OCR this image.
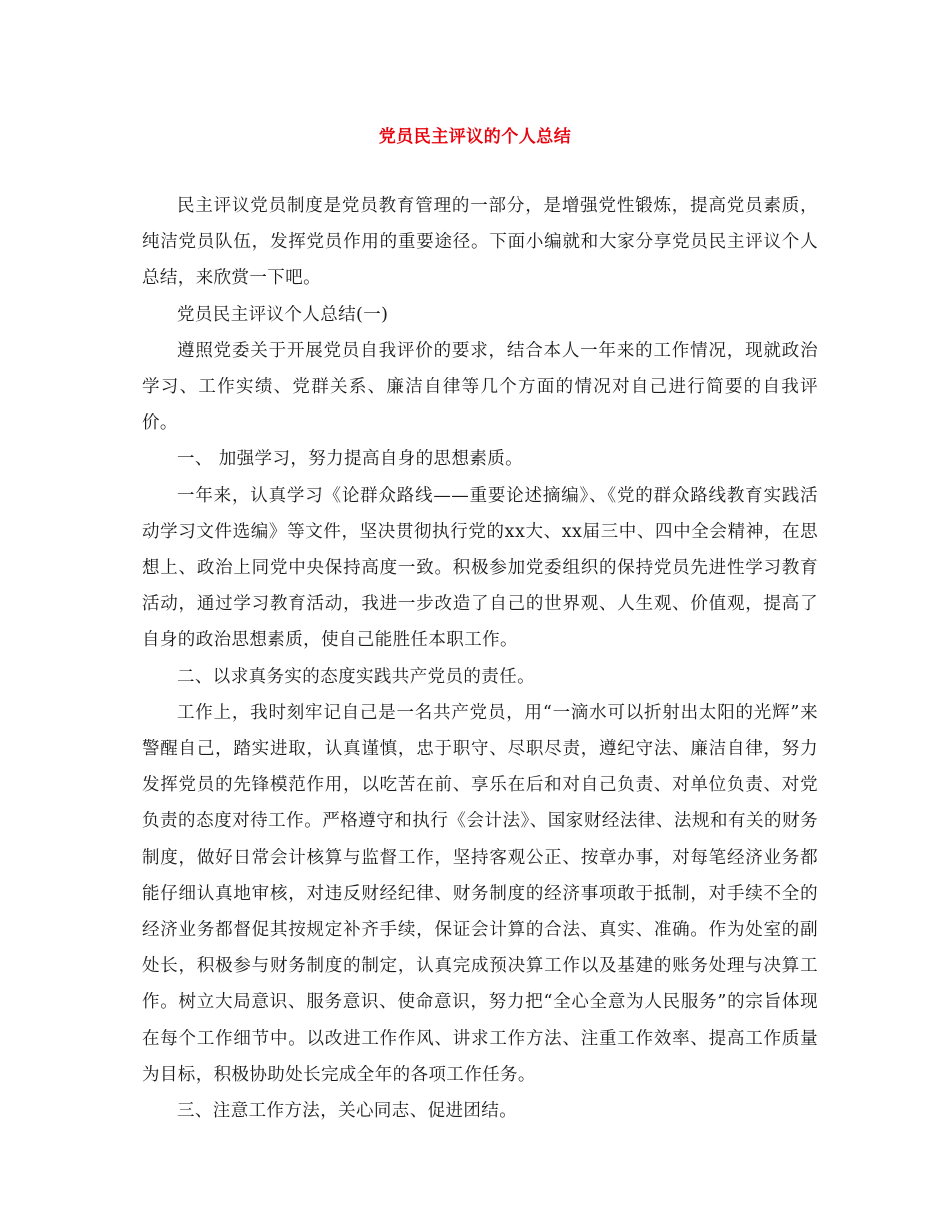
党员民主评议的个人总结

民主评议党员制度是党员教育管理的一部分，是增强党性锻炼，提高党员素质，纯洁党员队伍，发挥党员作用的重要途径。下面小编就和大家分享党员民主评议个人总结，来欣赏一下吧。

党员民主评议个人总结(一)

遵照党委关于开展党员自我评价的要求，结合本人一年来的工作情况，现就政治学习、工作实绩、党群关系、廉洁自律等几个方面的情况对自己进行简要的自我评价。

一、 加强学习，努力提高自身的思想素质。

一年来，认真学习《论群众路线——重要论述摘编》、《党的群众路线教育实践活动学习文件选编》等文件，坚决贯彻执行党的xx大、xx届三中、四中全会精神，在思想上、政治上同党中央保持高度一致。积极参加党委组织的保持党员先进性学习教育活动，通过学习教育活动，我进一步改造了自己的世界观、人生观、价值观，提高了自身的政治思想素质，使自己能胜任本职工作。

二、以求真务实的态度实践共产党员的责任。

工作上，我时刻牢记自己是一名共产党员，用“一滴水可以折射出太阳的光辉”来警醒自己，踏实进取，认真谨慎，忠于职守、尽职尽责，遵纪守法、廉洁自律，努力发挥党员的先锋模范作用，以吃苦在前、享乐在后和对自己负责、对单位负责、对党负责的态度对待工作。严格遵守和执行《会计法》、国家财经法律、法规和有关的财务制度，做好日常会计核算与监督工作，坚持客观公正、按章办事，对每笔经济业务都能仔细认真地审核，对违反财经纪律、财务制度的经济事项敢于抵制，对手续不全的经济业务都督促其按规定补齐手续，保证会计算的合法、真实、准确。作为处室的副处长，积极参与财务制度的制定，认真完成预决算工作以及基建的账务处理与决算工作。树立大局意识、服务意识、使命意识，努力把“全心全意为人民服务”的宗旨体现在每个工作细节中。以改进工作作风、讲求工作方法、注重工作效率、提高工作质量为目标，积极协助处长完成全年的各项工作任务。

三、注意工作方法，关心同志、促进团结。
